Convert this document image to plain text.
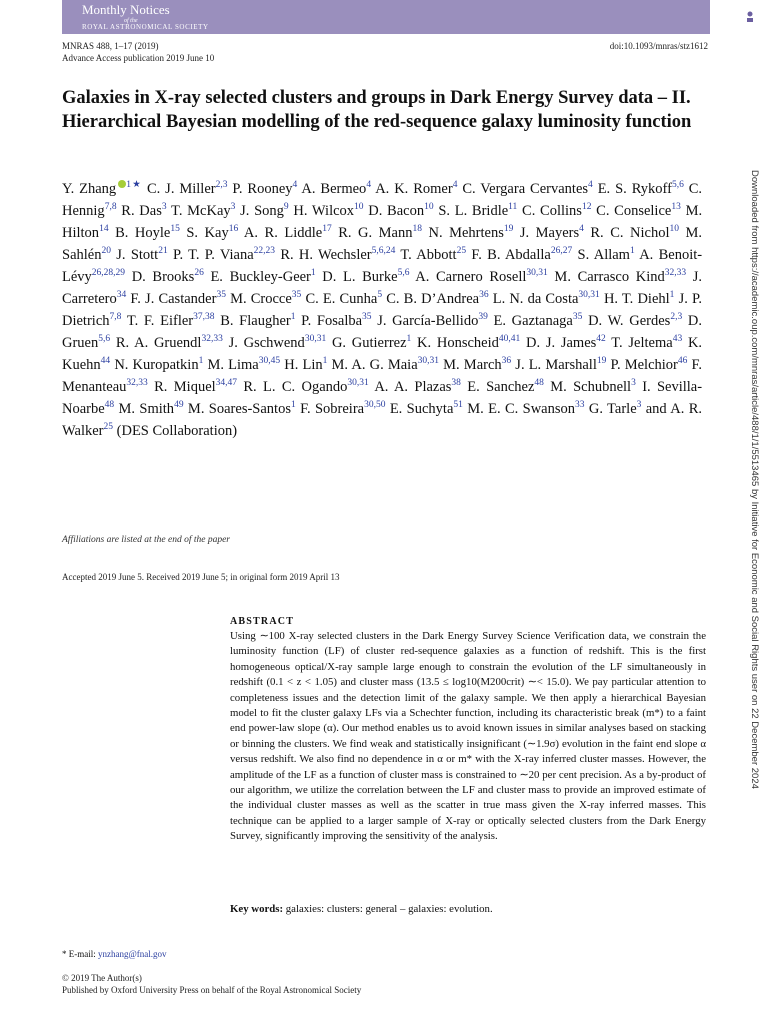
Monthly Notices
of the
ROYAL ASTRONOMICAL SOCIETY
MNRAS 488, 1–17 (2019)
Advance Access publication 2019 June 10
doi:10.1093/mnras/stz1612
Galaxies in X-ray selected clusters and groups in Dark Energy Survey data – II. Hierarchical Bayesian modelling of the red-sequence galaxy luminosity function
Y. Zhang $^{1★}$ C. J. Miller$^{2,3}$ P. Rooney$^4$ A. Bermeo$^4$ A. K. Romer$^4$ C. Vergara Cervantes$^4$ E. S. Rykoff$^{5,6}$ C. Hennig$^{7,8}$ R. Das$^3$ T. McKay$^3$ J. Song$^9$ H. Wilcox$^{10}$ D. Bacon$^{10}$ S. L. Bridle$^{11}$ C. Collins$^{12}$ C. Conselice$^{13}$ M. Hilton$^{14}$ B. Hoyle$^{15}$ S. Kay$^{16}$ A. R. Liddle$^{17}$ R. G. Mann$^{18}$ N. Mehrtens$^{19}$ J. Mayers$^4$ R. C. Nichol$^{10}$ M. Sahlén$^{20}$ J. Stott$^{21}$ P. T. P. Viana$^{22,23}$ R. H. Wechsler$^{5,6,24}$ T. Abbott$^{25}$ F. B. Abdalla$^{26,27}$ S. Allam$^1$ A. Benoit-Lévy$^{26,28,29}$ D. Brooks$^{26}$ E. Buckley-Geer$^1$ D. L. Burke$^{5,6}$ A. Carnero Rosell$^{30,31}$ M. Carrasco Kind$^{32,33}$ J. Carretero$^{34}$ F. J. Castander$^{35}$ M. Crocce$^{35}$ C. E. Cunha$^5$ C. B. D’Andrea$^{36}$ L. N. da Costa$^{30,31}$ H. T. Diehl$^1$ J. P. Dietrich$^{7,8}$ T. F. Eifler$^{37,38}$ B. Flaugher$^1$ P. Fosalba$^{35}$ J. García-Bellido$^{39}$ E. Gaztanaga$^{35}$ D. W. Gerdes$^{2,3}$ D. Gruen$^{5,6}$ R. A. Gruendl$^{32,33}$ J. Gschwend$^{30,31}$ G. Gutierrez$^1$ K. Honscheid$^{40,41}$ D. J. James$^{42}$ T. Jeltema$^{43}$ K. Kuehn$^{44}$ N. Kuropatkin$^1$ M. Lima$^{30,45}$ H. Lin$^1$ M. A. G. Maia$^{30,31}$ M. March$^{36}$ J. L. Marshall$^{19}$ P. Melchior$^{46}$ F. Menanteau$^{32,33}$ R. Miquel$^{34,47}$ R. L. C. Ogando$^{30,31}$ A. A. Plazas$^{38}$ E. Sanchez$^{48}$ M. Schubnell$^3$ I. Sevilla-Noarbe$^{48}$ M. Smith$^{49}$ M. Soares-Santos$^1$ F. Sobreira$^{30,50}$ E. Suchyta$^{51}$ M. E. C. Swanson$^{33}$ G. Tarle$^3$ and A. R. Walker$^{25}$ (DES Collaboration)
Affiliations are listed at the end of the paper
Accepted 2019 June 5. Received 2019 June 5; in original form 2019 April 13
ABSTRACT
Using ∼100 X-ray selected clusters in the Dark Energy Survey Science Verification data, we constrain the luminosity function (LF) of cluster red-sequence galaxies as a function of redshift. This is the first homogeneous optical/X-ray sample large enough to constrain the evolution of the LF simultaneously in redshift (0.1 < z < 1.05) and cluster mass (13.5 ≤ log10(M200crit) ∼< 15.0). We pay particular attention to completeness issues and the detection limit of the galaxy sample. We then apply a hierarchical Bayesian model to fit the cluster galaxy LFs via a Schechter function, including its characteristic break (m*) to a faint end power-law slope (α). Our method enables us to avoid known issues in similar analyses based on stacking or binning the clusters. We find weak and statistically insignificant (∼1.9σ) evolution in the faint end slope α versus redshift. We also find no dependence in α or m* with the X-ray inferred cluster masses. However, the amplitude of the LF as a function of cluster mass is constrained to ∼20 per cent precision. As a by-product of our algorithm, we utilize the correlation between the LF and cluster mass to provide an improved estimate of the individual cluster masses as well as the scatter in true mass given the X-ray inferred masses. This technique can be applied to a larger sample of X-ray or optically selected clusters from the Dark Energy Survey, significantly improving the sensitivity of the analysis.
Key words: galaxies: clusters: general – galaxies: evolution.
* E-mail: ynzhang@fnal.gov
© 2019 The Author(s)
Published by Oxford University Press on behalf of the Royal Astronomical Society
Downloaded from https://academic.oup.com/mnras/article/488/1/1/5513465 by Initiative for Economic and Social Rights user on 22 December 2024
